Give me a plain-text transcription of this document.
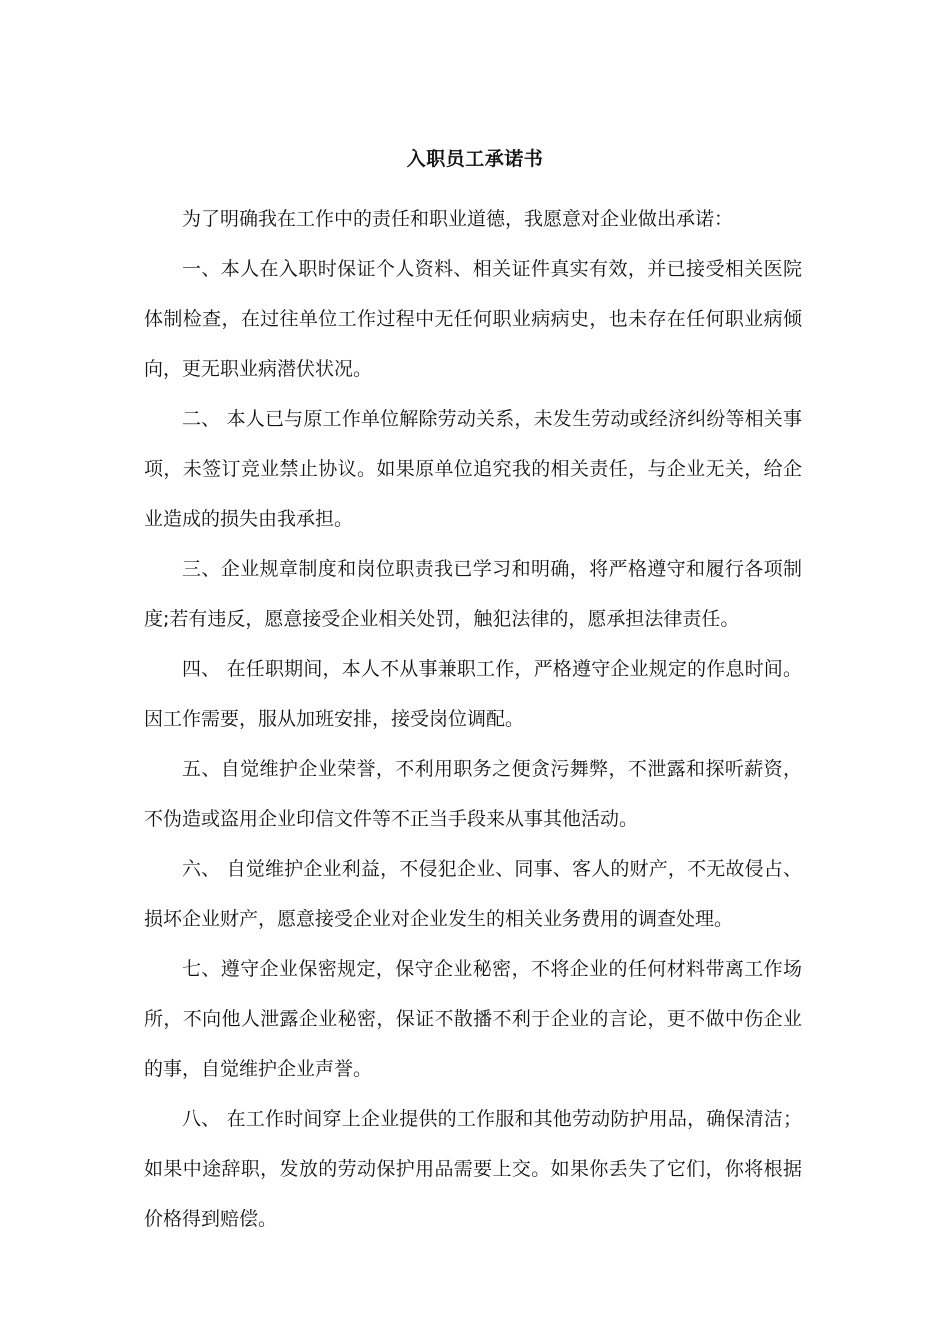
入职员工承诺书

为了明确我在工作中的责任和职业道德，我愿意对企业做出承诺：

一、本人在入职时保证个人资料、相关证件真实有效，并已接受相关医院体制检查，在过往单位工作过程中无任何职业病病史，也未存在任何职业病倾向，更无职业病潜伏状况。

二、 本人已与原工作单位解除劳动关系，未发生劳动或经济纠纷等相关事项，未签订竞业禁止协议。如果原单位追究我的相关责任，与企业无关，给企业造成的损失由我承担。

三、企业规章制度和岗位职责我已学习和明确，将严格遵守和履行各项制度;若有违反，愿意接受企业相关处罚，触犯法律的，愿承担法律责任。

四、 在任职期间，本人不从事兼职工作，严格遵守企业规定的作息时间。因工作需要，服从加班安排，接受岗位调配。

五、自觉维护企业荣誉，不利用职务之便贪污舞弊，不泄露和探听薪资，不伪造或盗用企业印信文件等不正当手段来从事其他活动。

六、 自觉维护企业利益，不侵犯企业、同事、客人的财产，不无故侵占、损坏企业财产，愿意接受企业对企业发生的相关业务费用的调查处理。

七、遵守企业保密规定，保守企业秘密，不将企业的任何材料带离工作场所，不向他人泄露企业秘密，保证不散播不利于企业的言论，更不做中伤企业的事，自觉维护企业声誉。

八、 在工作时间穿上企业提供的工作服和其他劳动防护用品，确保清洁；如果中途辞职，发放的劳动保护用品需要上交。如果你丢失了它们，你将根据价格得到赔偿。
